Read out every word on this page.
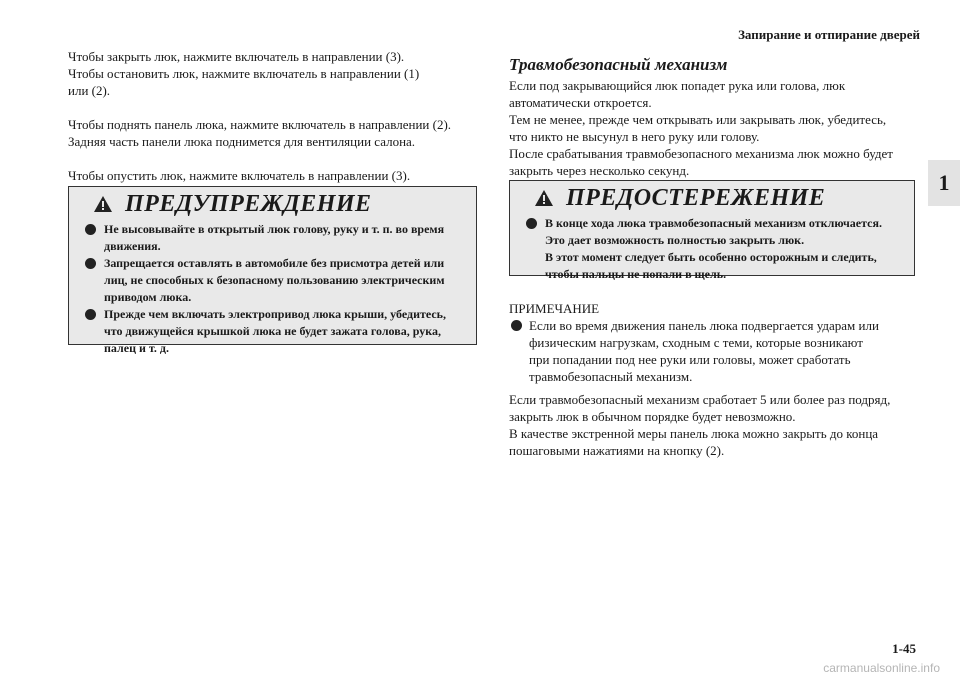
Запирание и отпирание дверей
1

Чтобы закрыть люк, нажмите включатель в направлении (3).

Чтобы остановить люк, нажмите включатель в направлении (1)

или (2).

Чтобы поднять панель люка, нажмите включатель в направлении (2).

Задняя часть панели люка поднимется для вентиляции салона.

Чтобы опустить люк, нажмите включатель в направлении (3).

ПРЕДУПРЕЖДЕНИЕ
Не высовывайте в открытый люк голову, руку и т. п. во время
движения.
Запрещается оставлять в автомобиле без присмотра детей или
лиц, не способных к безопасному пользованию электрическим
приводом люка.
Прежде чем включать электропривод люка крыши, убедитесь,
что движущейся крышкой люка не будет зажата голова, рука,
палец и т. д.
Травмобезопасный механизм

Если под закрывающийся люк попадет рука или голова, люк

автоматически откроется.

Тем не менее, прежде чем открывать или закрывать люк, убедитесь,

что никто не высунул в него руку или голову.

После срабатывания травмобезопасного механизма люк можно будет

закрыть через несколько секунд.

ПРЕДОСТЕРЕЖЕНИЕ
В конце хода люка травмобезопасный механизм отключается.
Это дает возможность полностью закрыть люк.
В этот момент следует быть особенно осторожным и следить,
чтобы пальцы не попали в щель.
ПРИМЕЧАНИЕ
Если во время движения панель люка подвергается ударам или
физическим нагрузкам, сходным с теми, которые возникают
при попадании под нее руки или головы, может сработать
травмобезопасный механизм.

Если травмобезопасный механизм сработает 5 или более раз подряд,

закрыть люк в обычном порядке будет невозможно.

В качестве экстренной меры панель люка можно закрыть до конца

пошаговыми нажатиями на кнопку (2).

1-45
carmanualsonline.info
